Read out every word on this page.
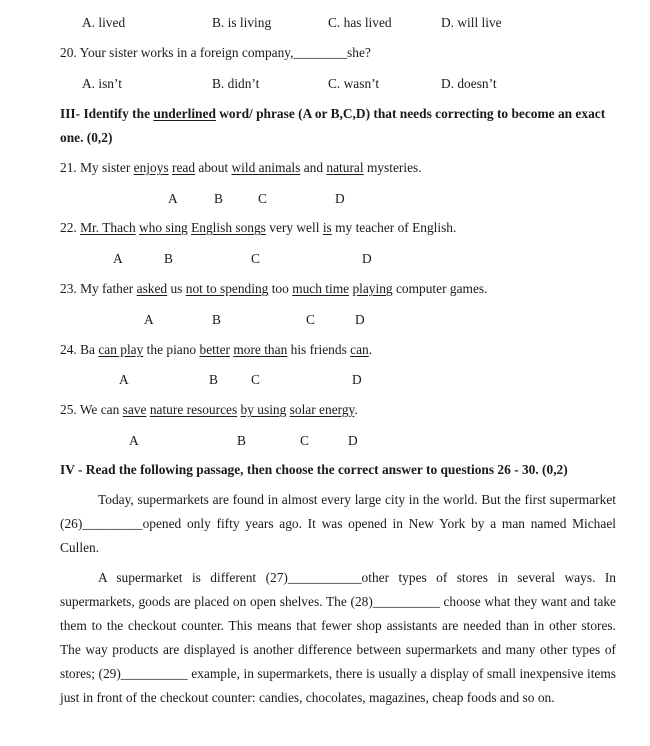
A. lived	B. is living	C. has lived	D. will live
20. Your sister works in a foreign company,________she?
A. isn’t	B. didn’t	C. wasn’t	D. doesn’t
III- Identify the underlined word/ phrase (A or B,C,D) that needs correcting to become an exact
one. (0,2)
21. My sister enjoys read about wild animals and natural mysteries.
A	B	C	D
22. Mr. Thach who sing English songs very well is my teacher of English.
A	B	C	D
23. My father asked us not to spending too much time playing computer games.
A	B	C	D
24. Ba can play the piano better more than his friends can.
A	B C	D
25. We can save nature resources by using solar energy.
A	B	C	D
IV - Read the following passage, then choose the correct answer to questions 26 - 30. (0,2)

Today, supermarkets are found in almost every large city in the world. But the first supermarket (26)_________opened only fifty years ago. It was opened in New York by a man named Michael Cullen.

A supermarket is different (27)___________other types of stores in several ways. In supermarkets, goods are placed on open shelves. The (28)__________ choose what they want and take them to the checkout counter. This means that fewer shop assistants are needed than in other stores. The way products are displayed is another difference between supermarkets and many other types of stores; (29)__________ example, in supermarkets, there is usually a display of small inexpensive items just in front of the checkout counter: candies, chocolates, magazines, cheap foods and so on.
